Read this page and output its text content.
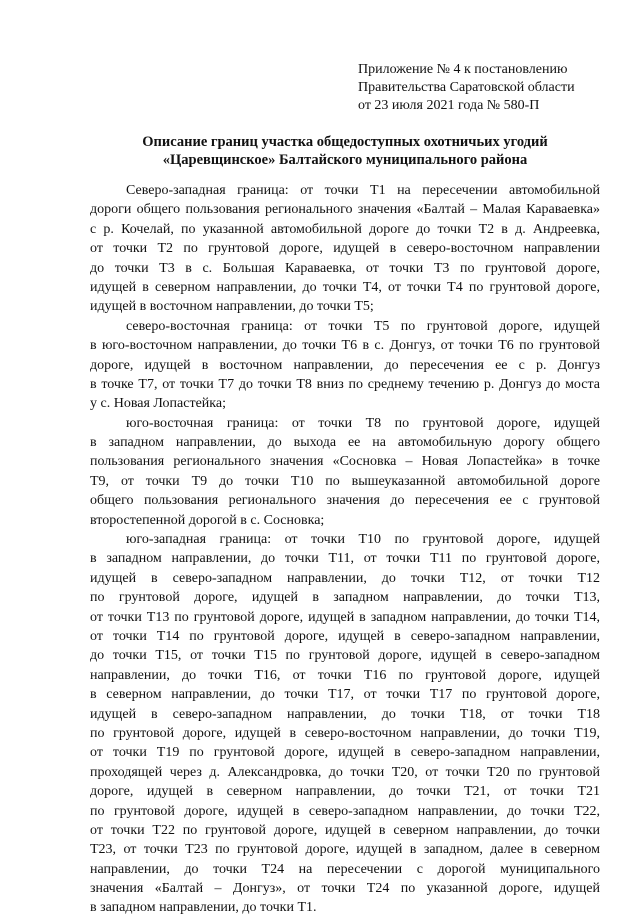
Приложение № 4 к постановлению
Правительства Саратовской области
от 23 июля 2021 года № 580-П
Описание границ участка общедоступных охотничьих угодий
«Царевщинское» Балтайского муниципального района
Северо-западная граница: от точки Т1 на пересечении автомобильной
дороги общего пользования регионального значения «Балтай – Малая Караваевка»
с р. Кочелай, по указанной автомобильной дороге до точки Т2 в д. Андреевка,
от точки Т2 по грунтовой дороге, идущей в северо-восточном направлении
до точки Т3 в с. Большая Караваевка, от точки Т3 по грунтовой дороге,
идущей в северном направлении, до точки Т4, от точки Т4 по грунтовой дороге,
идущей в восточном направлении, до точки Т5;
северо-восточная граница: от точки Т5 по грунтовой дороге, идущей
в юго-восточном направлении, до точки Т6 в с. Донгуз, от точки Т6 по грунтовой
дороге, идущей в восточном направлении, до пересечения ее с р. Донгуз
в точке Т7, от точки Т7 до точки Т8 вниз по среднему течению р. Донгуз до моста
у с. Новая Лопастейка;
юго-восточная граница: от точки Т8 по грунтовой дороге, идущей
в западном направлении, до выхода ее на автомобильную дорогу общего
пользования регионального значения «Сосновка – Новая Лопастейка» в точке
Т9, от точки Т9 до точки Т10 по вышеуказанной автомобильной дороге
общего пользования регионального значения до пересечения ее с грунтовой
второстепенной дорогой в с. Сосновка;
юго-западная граница: от точки Т10 по грунтовой дороге, идущей
в западном направлении, до точки Т11, от точки Т11 по грунтовой дороге,
идущей в северо-западном направлении, до точки Т12, от точки Т12
по грунтовой дороге, идущей в западном направлении, до точки Т13,
от точки Т13 по грунтовой дороге, идущей в западном направлении, до точки Т14,
от точки Т14 по грунтовой дороге, идущей в северо-западном направлении,
до точки Т15, от точки Т15 по грунтовой дороге, идущей в северо-западном
направлении, до точки Т16, от точки Т16 по грунтовой дороге, идущей
в северном направлении, до точки Т17, от точки Т17 по грунтовой дороге,
идущей в северо-западном направлении, до точки Т18, от точки Т18
по грунтовой дороге, идущей в северо-восточном направлении, до точки Т19,
от точки Т19 по грунтовой дороге, идущей в северо-западном направлении,
проходящей через д. Александровка, до точки Т20, от точки Т20 по грунтовой
дороге, идущей в северном направлении, до точки Т21, от точки Т21
по грунтовой дороге, идущей в северо-западном направлении, до точки Т22,
от точки Т22 по грунтовой дороге, идущей в северном направлении, до точки
Т23, от точки Т23 по грунтовой дороге, идущей в западном, далее в северном
направлении, до точки Т24 на пересечении с дорогой муниципального
значения «Балтай – Донгуз», от точки Т24 по указанной дороге, идущей
в западном направлении, до точки Т1.
